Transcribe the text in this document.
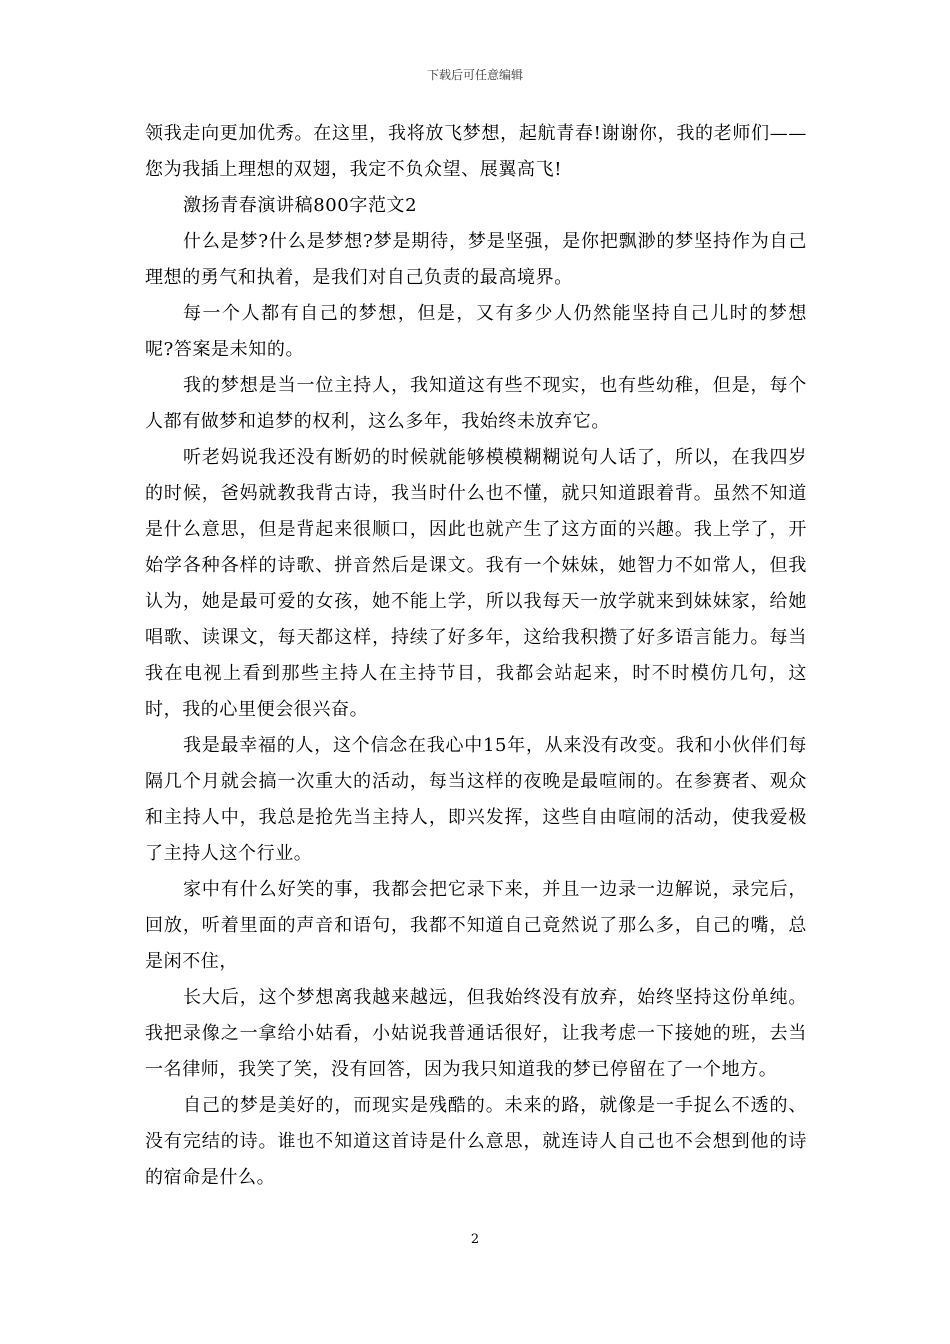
下载后可任意编辑

领我走向更加优秀。在这里，我将放飞梦想，起航青春!谢谢你，我的老师们——您为我插上理想的双翅，我定不负众望、展翼高飞!

激扬青春演讲稿800字范文2

什么是梦?什么是梦想?梦是期待，梦是坚强，是你把飘渺的梦坚持作为自己理想的勇气和执着，是我们对自己负责的最高境界。

每一个人都有自己的梦想，但是，又有多少人仍然能坚持自己儿时的梦想呢?答案是未知的。

我的梦想是当一位主持人，我知道这有些不现实，也有些幼稚，但是，每个人都有做梦和追梦的权利，这么多年，我始终未放弃它。

听老妈说我还没有断奶的时候就能够模模糊糊说句人话了，所以，在我四岁的时候，爸妈就教我背古诗，我当时什么也不懂，就只知道跟着背。虽然不知道是什么意思，但是背起来很顺口，因此也就产生了这方面的兴趣。我上学了，开始学各种各样的诗歌、拼音然后是课文。我有一个妹妹，她智力不如常人，但我认为，她是最可爱的女孩，她不能上学，所以我每天一放学就来到妹妹家，给她唱歌、读课文，每天都这样，持续了好多年，这给我积攒了好多语言能力。每当我在电视上看到那些主持人在主持节目，我都会站起来，时不时模仿几句，这时，我的心里便会很兴奋。

我是最幸福的人，这个信念在我心中15年，从来没有改变。我和小伙伴们每隔几个月就会搞一次重大的活动，每当这样的夜晚是最喧闹的。在参赛者、观众和主持人中，我总是抢先当主持人，即兴发挥，这些自由喧闹的活动，使我爱极了主持人这个行业。

家中有什么好笑的事，我都会把它录下来，并且一边录一边解说，录完后，回放，听着里面的声音和语句，我都不知道自己竟然说了那么多，自己的嘴，总是闲不住，

长大后，这个梦想离我越来越远，但我始终没有放弃，始终坚持这份单纯。我把录像之一拿给小姑看，小姑说我普通话很好，让我考虑一下接她的班，去当一名律师，我笑了笑，没有回答，因为我只知道我的梦已停留在了一个地方。

自己的梦是美好的，而现实是残酷的。未来的路，就像是一手捉么不透的、没有完结的诗。谁也不知道这首诗是什么意思，就连诗人自己也不会想到他的诗的宿命是什么。

2
